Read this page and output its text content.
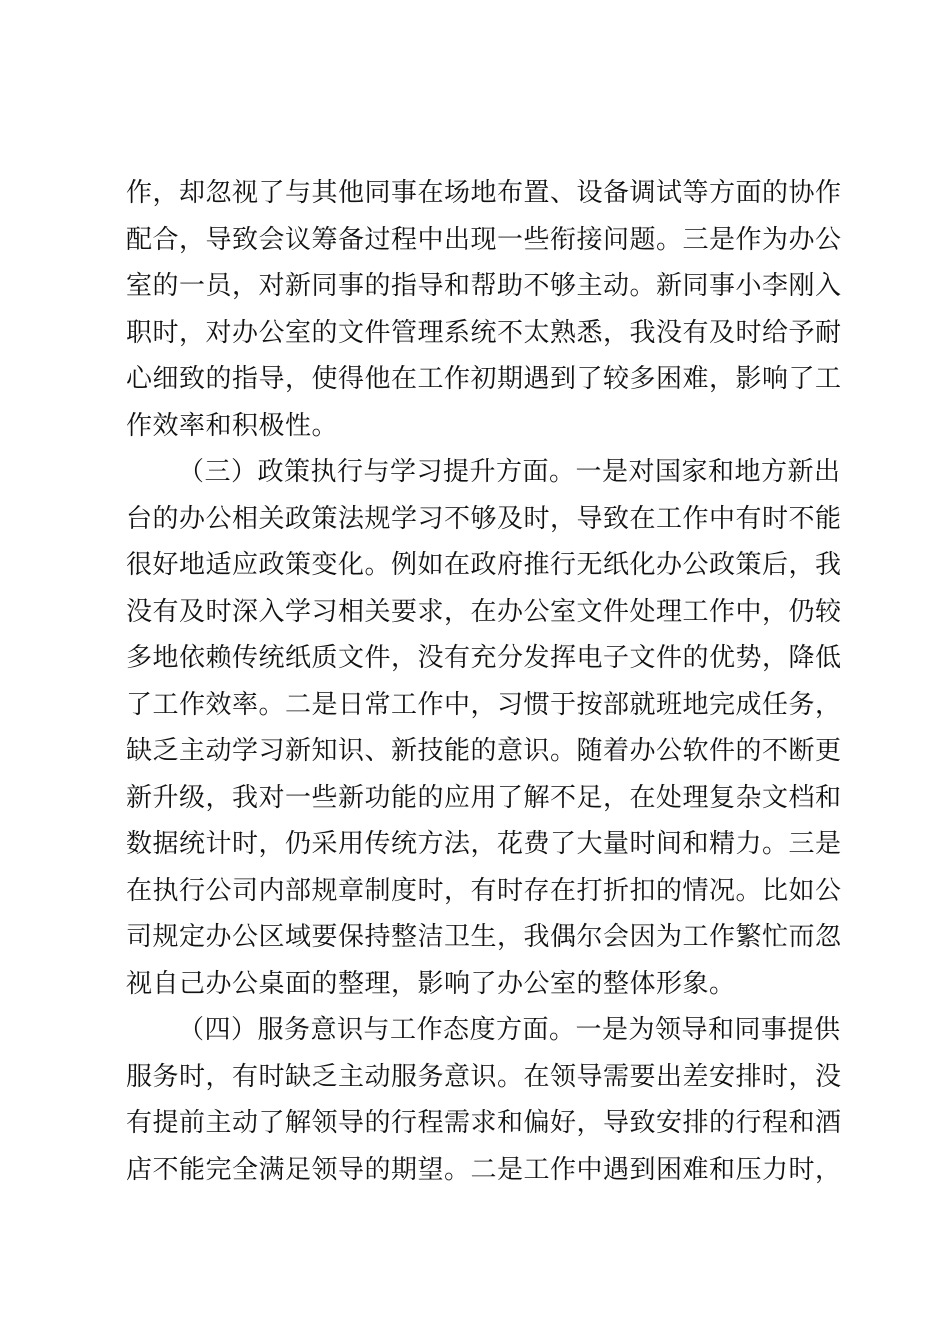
作，却忽视了与其他同事在场地布置、设备调试等方面的协作
配合，导致会议筹备过程中出现一些衔接问题。三是作为办公
室的一员，对新同事的指导和帮助不够主动。新同事小李刚入
职时，对办公室的文件管理系统不太熟悉，我没有及时给予耐
心细致的指导，使得他在工作初期遇到了较多困难，影响了工
作效率和积极性。
（三）政策执行与学习提升方面。一是对国家和地方新出
台的办公相关政策法规学习不够及时，导致在工作中有时不能
很好地适应政策变化。例如在政府推行无纸化办公政策后，我
没有及时深入学习相关要求，在办公室文件处理工作中，仍较
多地依赖传统纸质文件，没有充分发挥电子文件的优势，降低
了工作效率。二是日常工作中，习惯于按部就班地完成任务，
缺乏主动学习新知识、新技能的意识。随着办公软件的不断更
新升级，我对一些新功能的应用了解不足，在处理复杂文档和
数据统计时，仍采用传统方法，花费了大量时间和精力。三是
在执行公司内部规章制度时，有时存在打折扣的情况。比如公
司规定办公区域要保持整洁卫生，我偶尔会因为工作繁忙而忽
视自己办公桌面的整理，影响了办公室的整体形象。
（四）服务意识与工作态度方面。一是为领导和同事提供
服务时，有时缺乏主动服务意识。在领导需要出差安排时，没
有提前主动了解领导的行程需求和偏好，导致安排的行程和酒
店不能完全满足领导的期望。二是工作中遇到困难和压力时，
